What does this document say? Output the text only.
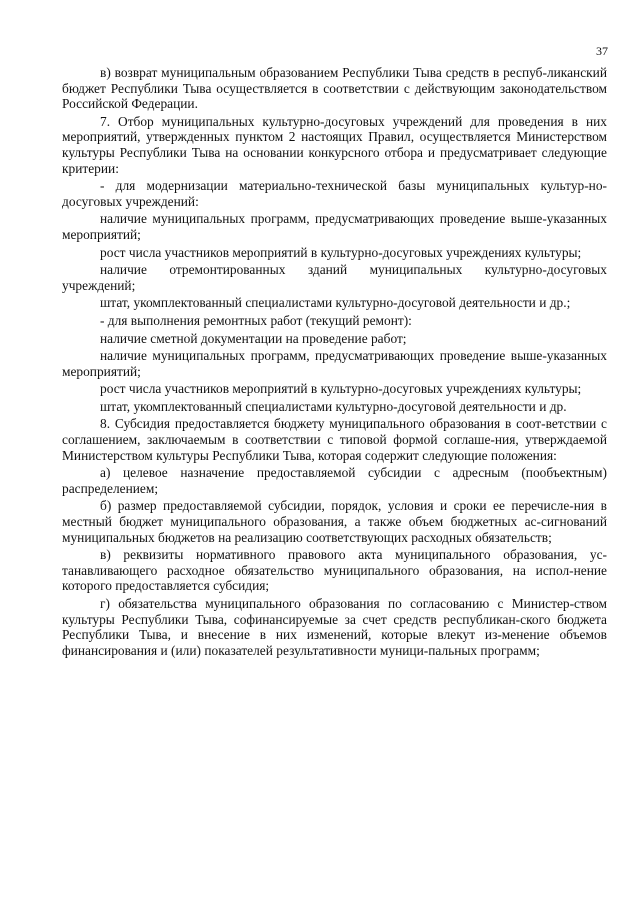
37

в) возврат муниципальным образованием Республики Тыва средств в респуб-ликанский бюджет Республики Тыва осуществляется в соответствии с действующим законодательством Российской Федерации.

7. Отбор муниципальных культурно-досуговых учреждений для проведения в них мероприятий, утвержденных пунктом 2 настоящих Правил, осуществляется Министерством культуры Республики Тыва на основании конкурсного отбора и предусматривает следующие критерии:

- для модернизации материально-технической базы муниципальных культур-но-досуговых учреждений:

наличие муниципальных программ, предусматривающих проведение выше-указанных мероприятий;

рост числа участников мероприятий в культурно-досуговых учреждениях культуры;

наличие отремонтированных зданий муниципальных культурно-досуговых учреждений;

штат, укомплектованный специалистами культурно-досуговой деятельности и др.;

- для выполнения ремонтных работ (текущий ремонт):

наличие сметной документации на проведение работ;

наличие муниципальных программ, предусматривающих проведение выше-указанных мероприятий;

рост числа участников мероприятий в культурно-досуговых учреждениях культуры;

штат, укомплектованный специалистами культурно-досуговой деятельности и др.

8. Субсидия предоставляется бюджету муниципального образования в соот-ветствии с соглашением, заключаемым в соответствии с типовой формой соглаше-ния, утверждаемой Министерством культуры Республики Тыва, которая содержит следующие положения:

а) целевое назначение предоставляемой субсидии с адресным (пообъектным) распределением;

б) размер предоставляемой субсидии, порядок, условия и сроки ее перечисле-ния в местный бюджет муниципального образования, а также объем бюджетных ас-сигнований муниципальных бюджетов на реализацию соответствующих расходных обязательств;

в) реквизиты нормативного правового акта муниципального образования, ус-танавливающего расходное обязательство муниципального образования, на испол-нение которого предоставляется субсидия;

г) обязательства муниципального образования по согласованию с Министер-ством культуры Республики Тыва, софинансируемые за счет средств республикан-ского бюджета Республики Тыва, и внесение в них изменений, которые влекут из-менение объемов финансирования и (или) показателей результативности муници-пальных программ;
